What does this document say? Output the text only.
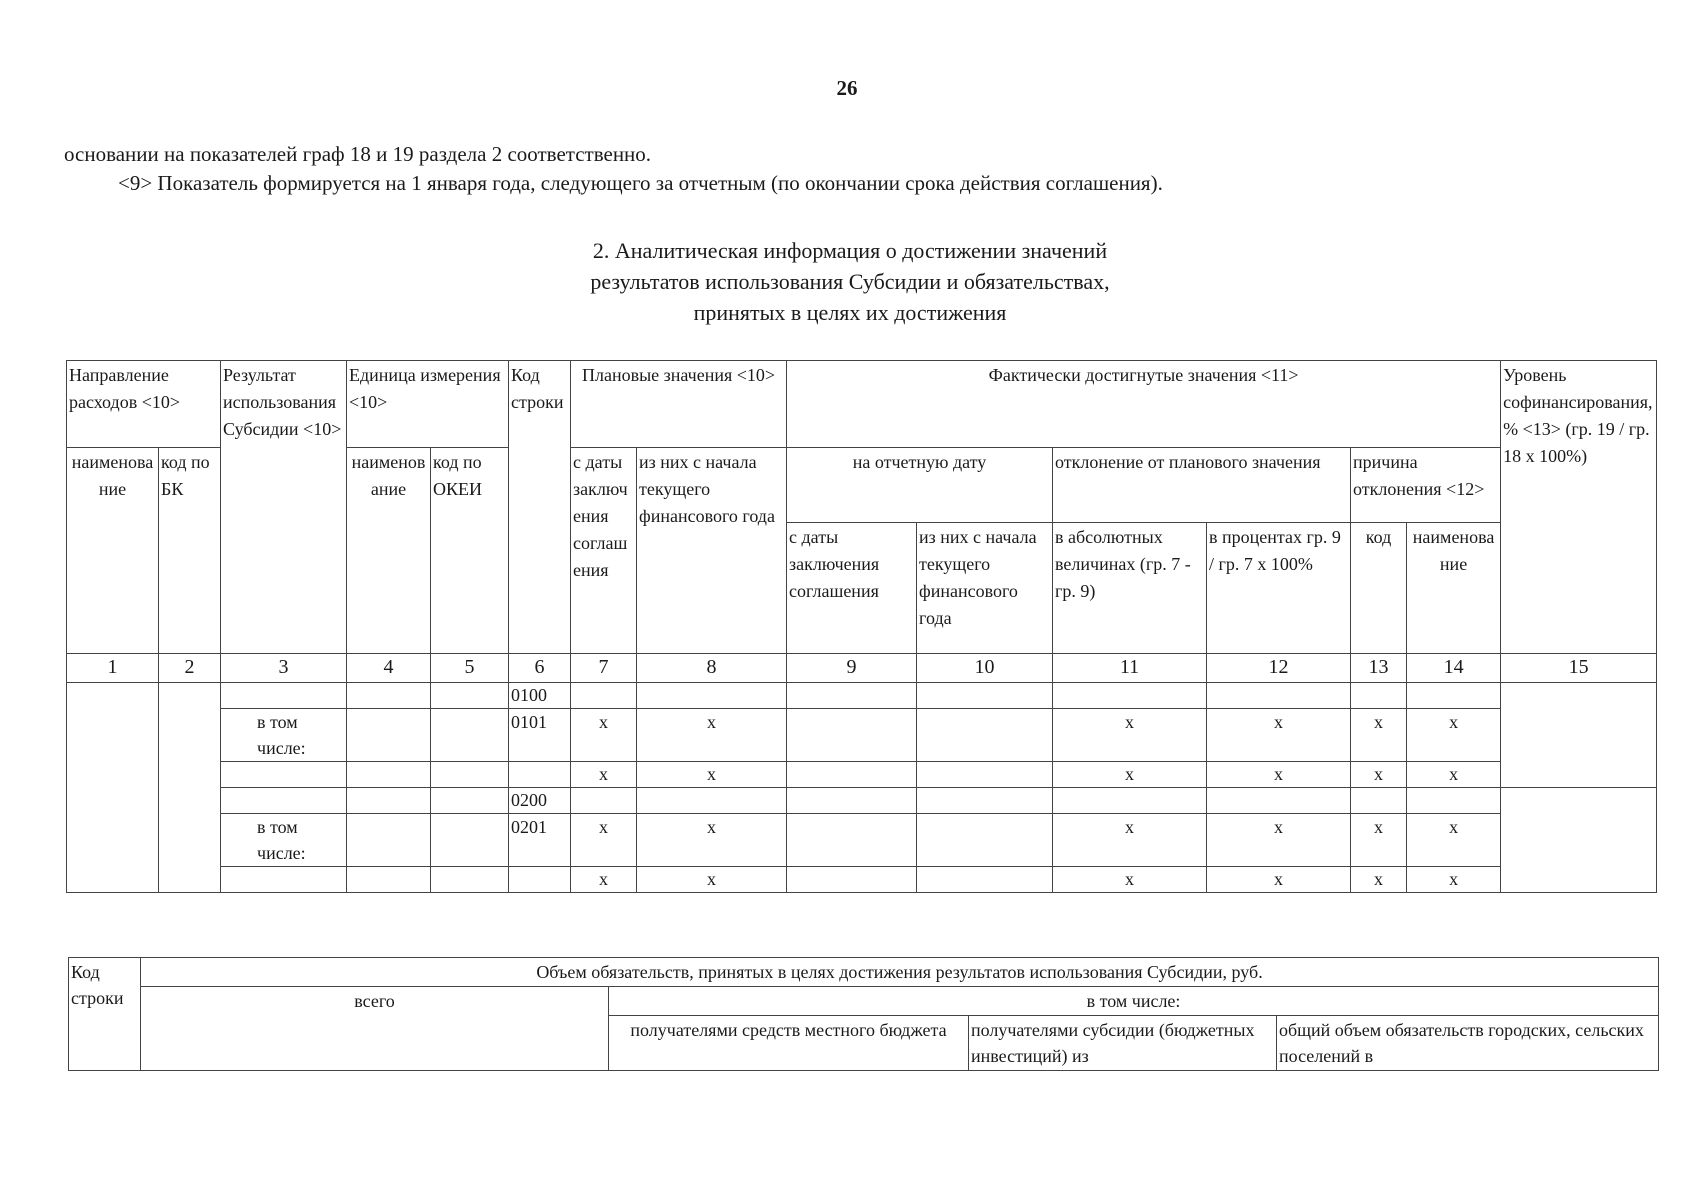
26
основании на показателей граф 18 и 19 раздела 2 соответственно.
<9> Показатель формируется на 1 января года, следующего за отчетным (по окончании срока действия соглашения).
2. Аналитическая информация о достижении значений
результатов использования Субсидии и обязательствах,
принятых в целях их достижения
Направление расходов <10>		Результат использования Субсидии <10>	Единица измерения <10>		Код строки	Плановые значения <10>		Фактически достигнутые значения <11>						Уровень софинансирования, % <13> (гр. 19 / гр. 18 x 100%)
наименование	код по БК		наименование	код по ОКЕИ		с даты заключения соглашения	из них с начала текущего финансового года	на отчетную дату		отклонение от планового значения		причина отклонения <12>		
								с даты заключения соглашения	из них с начала текущего финансового года	в абсолютных величинах (гр. 7 - гр. 9)	в процентах гр. 9 / гр. 7 x 100%	код	наименование	
1	2	3	4	5	6	7	8	9	10	11	12	13	14	15
					0100									
		в том числе:			0101	x	x			x	x	x	x	
						x	x			x	x	x	x	
					0200									
		в том числе:			0201	x	x			x	x	x	x	
						x	x			x	x	x	x	
Код строки	Объем обязательств, принятых в целях достижения результатов использования Субсидии, руб.			
	всего	в том числе:		
		получателями средств местного бюджета	получателями субсидии (бюджетных инвестиций) из	общий объем обязательств городских, сельских поселений в
